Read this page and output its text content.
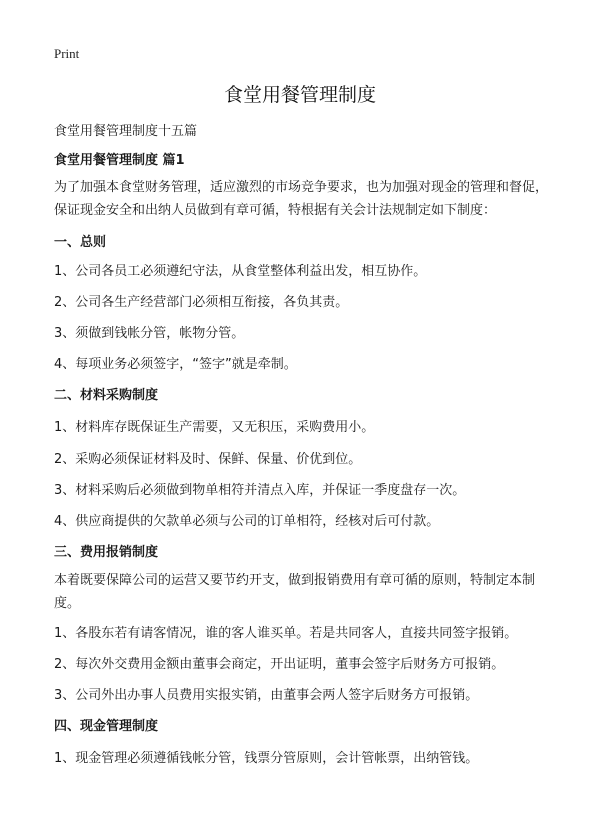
Print
食堂用餐管理制度
食堂用餐管理制度十五篇
食堂用餐管理制度 篇1
为了加强本食堂财务管理，适应激烈的市场竞争要求，也为加强对现金的管理和督促，保证现金安全和出纳人员做到有章可循，特根据有关会计法规制定如下制度：
一、总则
1、公司各员工必须遵纪守法，从食堂整体利益出发，相互协作。
2、公司各生产经营部门必须相互衔接，各负其责。
3、须做到钱帐分管，帐物分管。
4、每项业务必须签字，“签字”就是牵制。
二、材料采购制度
1、材料库存既保证生产需要，又无积压，采购费用小。
2、采购必须保证材料及时、保鲜、保量、价优到位。
3、材料采购后必须做到物单相符并清点入库，并保证一季度盘存一次。
4、供应商提供的欠款单必须与公司的订单相符，经核对后可付款。
三、费用报销制度
本着既要保障公司的运营又要节约开支，做到报销费用有章可循的原则，特制定本制度。
1、各股东若有请客情况，谁的客人谁买单。若是共同客人，直接共同签字报销。
2、每次外交费用金额由董事会商定，开出证明，董事会签字后财务方可报销。
3、公司外出办事人员费用实报实销，由董事会两人签字后财务方可报销。
四、现金管理制度
1、现金管理必须遵循钱帐分管，钱票分管原则，会计管帐票，出纳管钱。
